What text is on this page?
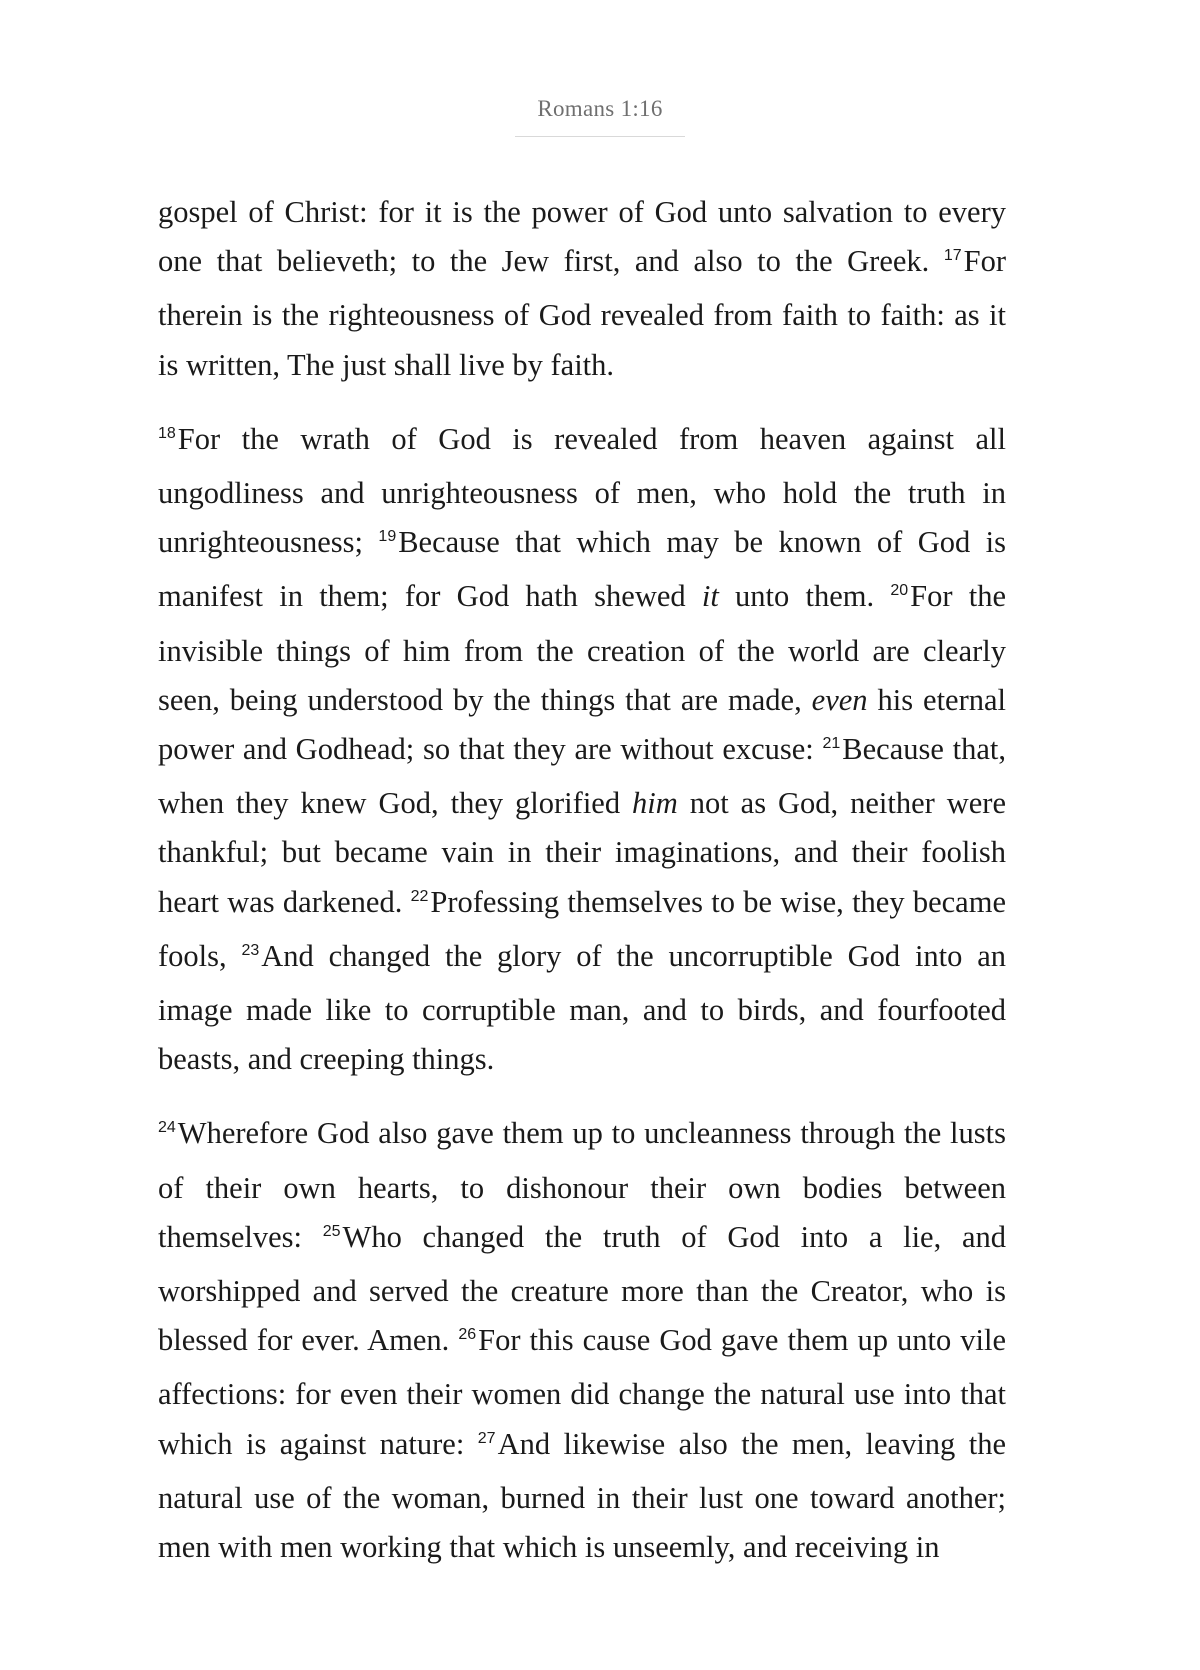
Romans 1:16

gospel of Christ: for it is the power of God unto salvation to every one that believeth; to the Jew first, and also to the Greek. $^{17}$For therein is the righteousness of God revealed from faith to faith: as it is written, The just shall live by faith.

$^{18}$For the wrath of God is revealed from heaven against all ungodliness and unrighteousness of men, who hold the truth in unrighteousness; $^{19}$Because that which may be known of God is manifest in them; for God hath shewed it unto them. $^{20}$For the invisible things of him from the creation of the world are clearly seen, being understood by the things that are made, even his eternal power and Godhead; so that they are without excuse: $^{21}$Because that, when they knew God, they glorified him not as God, neither were thankful; but became vain in their imaginations, and their foolish heart was darkened. $^{22}$Professing themselves to be wise, they became fools, $^{23}$And changed the glory of the uncorruptible God into an image made like to corruptible man, and to birds, and fourfooted beasts, and creeping things.

$^{24}$Wherefore God also gave them up to uncleanness through the lusts of their own hearts, to dishonour their own bodies between themselves: $^{25}$Who changed the truth of God into a lie, and worshipped and served the creature more than the Creator, who is blessed for ever. Amen. $^{26}$For this cause God gave them up unto vile affections: for even their women did change the natural use into that which is against nature: $^{27}$And likewise also the men, leaving the natural use of the woman, burned in their lust one toward another; men with men working that which is unseemly, and receiving in
